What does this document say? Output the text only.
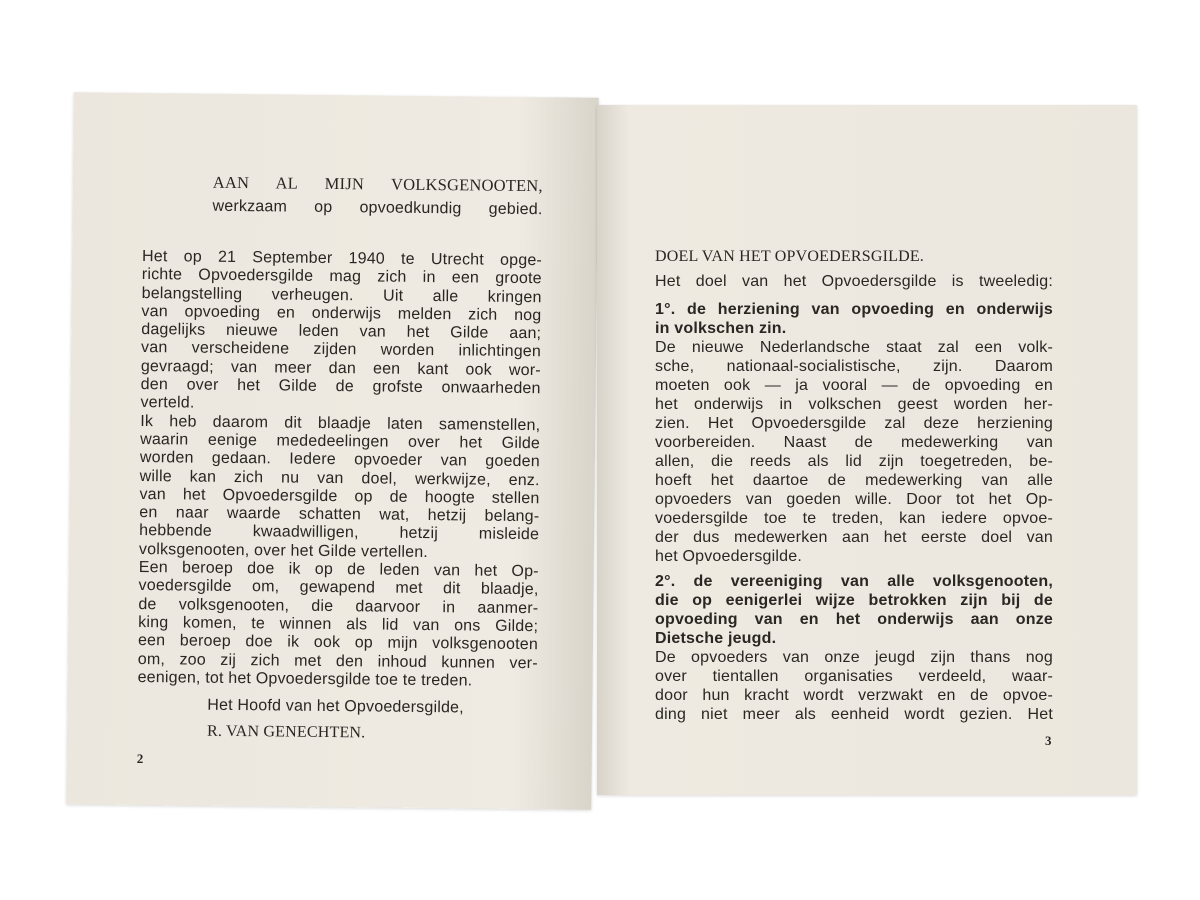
AAN AL MIJN VOLKSGENOOTEN,
werkzaam op opvoedkundig gebied.
Het op 21 September 1940 te Utrecht opge-
richte Opvoedersgilde mag zich in een groote
belangstelling verheugen. Uit alle kringen
van opvoeding en onderwijs melden zich nog
dagelijks nieuwe leden van het Gilde aan;
van verscheidene zijden worden inlichtingen
gevraagd; van meer dan een kant ook wor-
den over het Gilde de grofste onwaarheden
verteld.
Ik heb daarom dit blaadje laten samenstellen,
waarin eenige mededeelingen over het Gilde
worden gedaan. Iedere opvoeder van goeden
wille kan zich nu van doel, werkwijze, enz.
van het Opvoedersgilde op de hoogte stellen
en naar waarde schatten wat, hetzij belang-
hebbende kwaadwilligen, hetzij misleide
volksgenooten, over het Gilde vertellen.
Een beroep doe ik op de leden van het Op-
voedersgilde om, gewapend met dit blaadje,
de volksgenooten, die daarvoor in aanmer-
king komen, te winnen als lid van ons Gilde;
een beroep doe ik ook op mijn volksgenooten
om, zoo zij zich met den inhoud kunnen ver-
eenigen, tot het Opvoedersgilde toe te treden.
Het Hoofd van het Opvoedersgilde,
R. VAN GENECHTEN.
2
DOEL VAN HET OPVOEDERSGILDE.
Het doel van het Opvoedersgilde is tweeledig:
1°. de herziening van opvoeding en onderwijs
in volkschen zin.
De nieuwe Nederlandsche staat zal een volk-
sche, nationaal-socialistische, zijn. Daarom
moeten ook — ja vooral — de opvoeding en
het onderwijs in volkschen geest worden her-
zien. Het Opvoedersgilde zal deze herziening
voorbereiden. Naast de medewerking van
allen, die reeds als lid zijn toegetreden, be-
hoeft het daartoe de medewerking van alle
opvoeders van goeden wille. Door tot het Op-
voedersgilde toe te treden, kan iedere opvoe-
der dus medewerken aan het eerste doel van
het Opvoedersgilde.
2°. de vereeniging van alle volksgenooten,
die op eenigerlei wijze betrokken zijn bij de
opvoeding van en het onderwijs aan onze
Dietsche jeugd.
De opvoeders van onze jeugd zijn thans nog
over tientallen organisaties verdeeld, waar-
door hun kracht wordt verzwakt en de opvoe-
ding niet meer als eenheid wordt gezien. Het
3
